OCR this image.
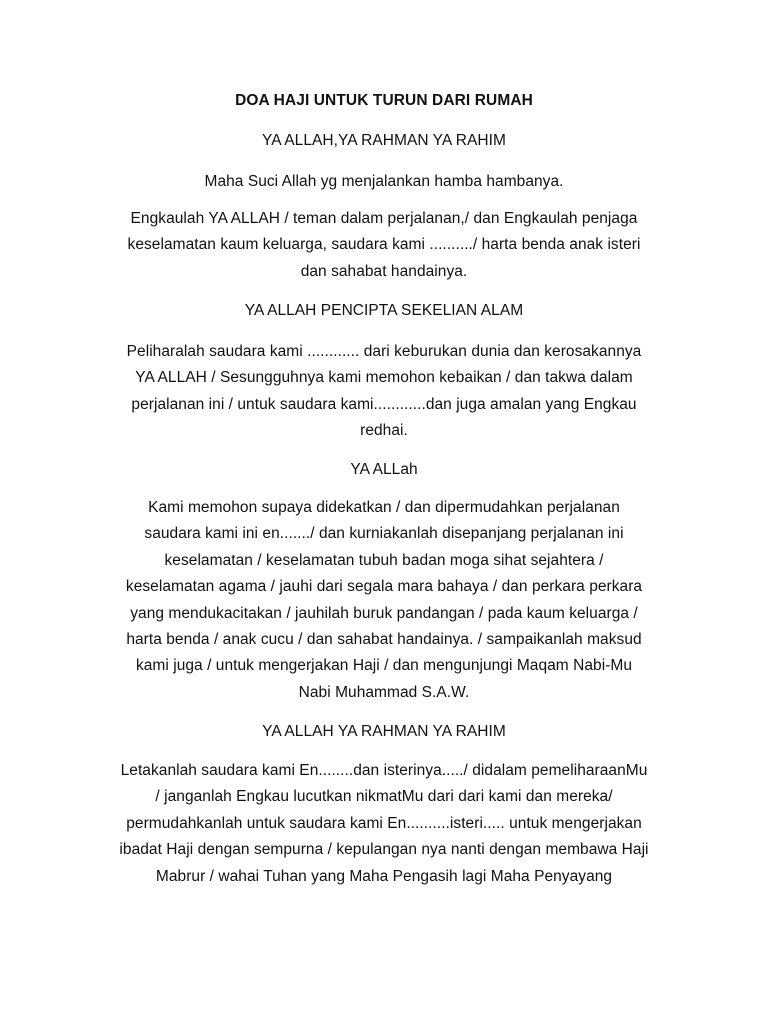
DOA HAJI UNTUK TURUN DARI RUMAH
YA ALLAH,YA RAHMAN YA RAHIM
Maha Suci Allah yg menjalankan hamba hambanya.
Engkaulah YA ALLAH / teman dalam perjalanan,/ dan Engkaulah penjaga
keselamatan kaum keluarga, saudara kami ........../ harta benda anak isteri
dan sahabat handainya.
YA ALLAH PENCIPTA SEKELIAN ALAM
Peliharalah saudara kami ............ dari keburukan dunia dan kerosakannya
YA ALLAH / Sesungguhnya kami memohon kebaikan / dan takwa dalam
perjalanan ini / untuk saudara kami............dan juga amalan yang Engkau
redhai.
YA ALLah
Kami memohon supaya didekatkan / dan dipermudahkan perjalanan
saudara kami ini en......./ dan kurniakanlah disepanjang perjalanan ini
keselamatan / keselamatan tubuh badan moga sihat sejahtera /
keselamatan agama / jauhi dari segala mara bahaya / dan perkara perkara
yang mendukacitakan / jauhilah buruk pandangan / pada kaum keluarga /
harta benda / anak cucu / dan sahabat handainya. / sampaikanlah maksud
kami juga / untuk mengerjakan Haji / dan mengunjungi Maqam Nabi-Mu
Nabi Muhammad S.A.W.
YA ALLAH YA RAHMAN YA RAHIM
Letakanlah saudara kami En........dan isterinya...../ didalam pemeliharaanMu
/ janganlah Engkau lucutkan nikmatMu dari dari kami dan mereka/
permudahkanlah untuk saudara kami En..........isteri..... untuk mengerjakan
ibadat Haji dengan sempurna / kepulangan nya nanti dengan membawa Haji
Mabrur / wahai Tuhan yang Maha Pengasih lagi Maha Penyayang
